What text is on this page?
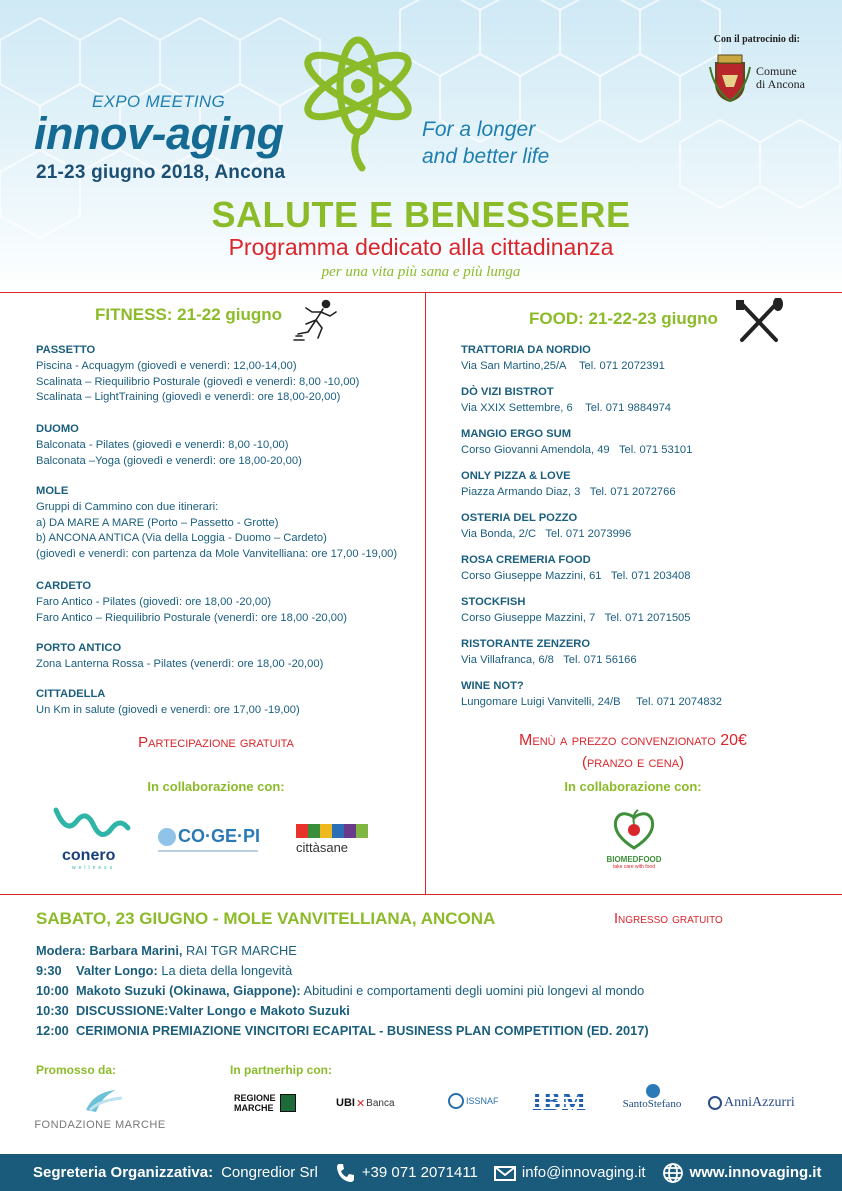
EXPO MEETING
innov-aging
21-23 giugno 2018, Ancona
For a longer
and better life
Con il patrocinio di:
Comune
di Ancona
SALUTE E BENESSERE
Programma dedicato alla cittadinanza
per una vita più sana e più lunga
FITNESS: 21-22 giugno
PASSETTO
Piscina - Acquagym (giovedì e venerdì: 12,00-14,00)
Scalinata – Riequilibrio Posturale (giovedì e venerdì: 8,00 -10,00)
Scalinata – LightTraining (giovedì e venerdì: ore 18,00-20,00)
DUOMO
Balconata - Pilates (giovedì e venerdì: 8,00 -10,00)
Balconata –Yoga (giovedì e venerdì: ore 18,00-20,00)
MOLE
Gruppi di Cammino con due itinerari:
a) DA MARE A MARE (Porto – Passetto - Grotte)
b) ANCONA ANTICA (Via della Loggia - Duomo – Cardeto)
(giovedì e venerdì: con partenza da Mole Vanvitelliana: ore 17,00 -19,00)
CARDETO
Faro Antico - Pilates (giovedì: ore 18,00 -20,00)
Faro Antico – Riequilibrio Posturale (venerdì: ore 18,00 -20,00)
PORTO ANTICO
Zona Lanterna Rossa - Pilates (venerdì: ore 18,00 -20,00)
CITTADELLA
Un Km in salute (giovedì e venerdì: ore 17,00 -19,00)
Partecipazione gratuita
In collaborazione con:
conero
wellness
CO·GE·PI
cittàsane
FOOD: 21-22-23 giugno
TRATTORIA DA NORDIO
Via San Martino,25/A Tel. 071 2072391
DÒ VIZI BISTROT
Via XXIX Settembre, 6 Tel. 071 9884974
MANGIO ERGO SUM
Corso Giovanni Amendola, 49 Tel. 071 53101
ONLY PIZZA & LOVE
Piazza Armando Diaz, 3 Tel. 071 2072766
OSTERIA DEL POZZO
Via Bonda, 2/C Tel. 071 2073996
ROSA CREMERIA FOOD
Corso Giuseppe Mazzini, 61 Tel. 071 203408
STOCKFISH
Corso Giuseppe Mazzini, 7 Tel. 071 2071505
RISTORANTE ZENZERO
Via Villafranca, 6/8 Tel. 071 56166
WINE NOT?
Lungomare Luigi Vanvitelli, 24/B Tel. 071 2074832
Menù a prezzo convenzionato 20€
(pranzo e cena)
In collaborazione con:
BIOMEDFOOD
take care with food
SABATO, 23 GIUGNO - MOLE VANVITELLIANA, ANCONA	Ingresso gratuito
Modera: Barbara Marini, RAI TGR MARCHE
9:30 Valter Longo: La dieta della longevità
10:00 Makoto Suzuki (Okinawa, Giappone): Abitudini e comportamenti degli uomini più longevi al mondo
10:30 DISCUSSIONE:Valter Longo e Makoto Suzuki
12:00 CERIMONIA PREMIAZIONE VINCITORI ECAPITAL - BUSINESS PLAN COMPETITION (ED. 2017)
Promosso da:	In partnerhip con:
FONDAZIONE MARCHE
REGIONE
MARCHE	UBI ✕ Banca	ISSNAF IBM	SantoStefano	AnniAzzurri
Segreteria Organizzativa: Congredior Srl	+39 071 2071411	info@innovaging.it	www.innovaging.it
